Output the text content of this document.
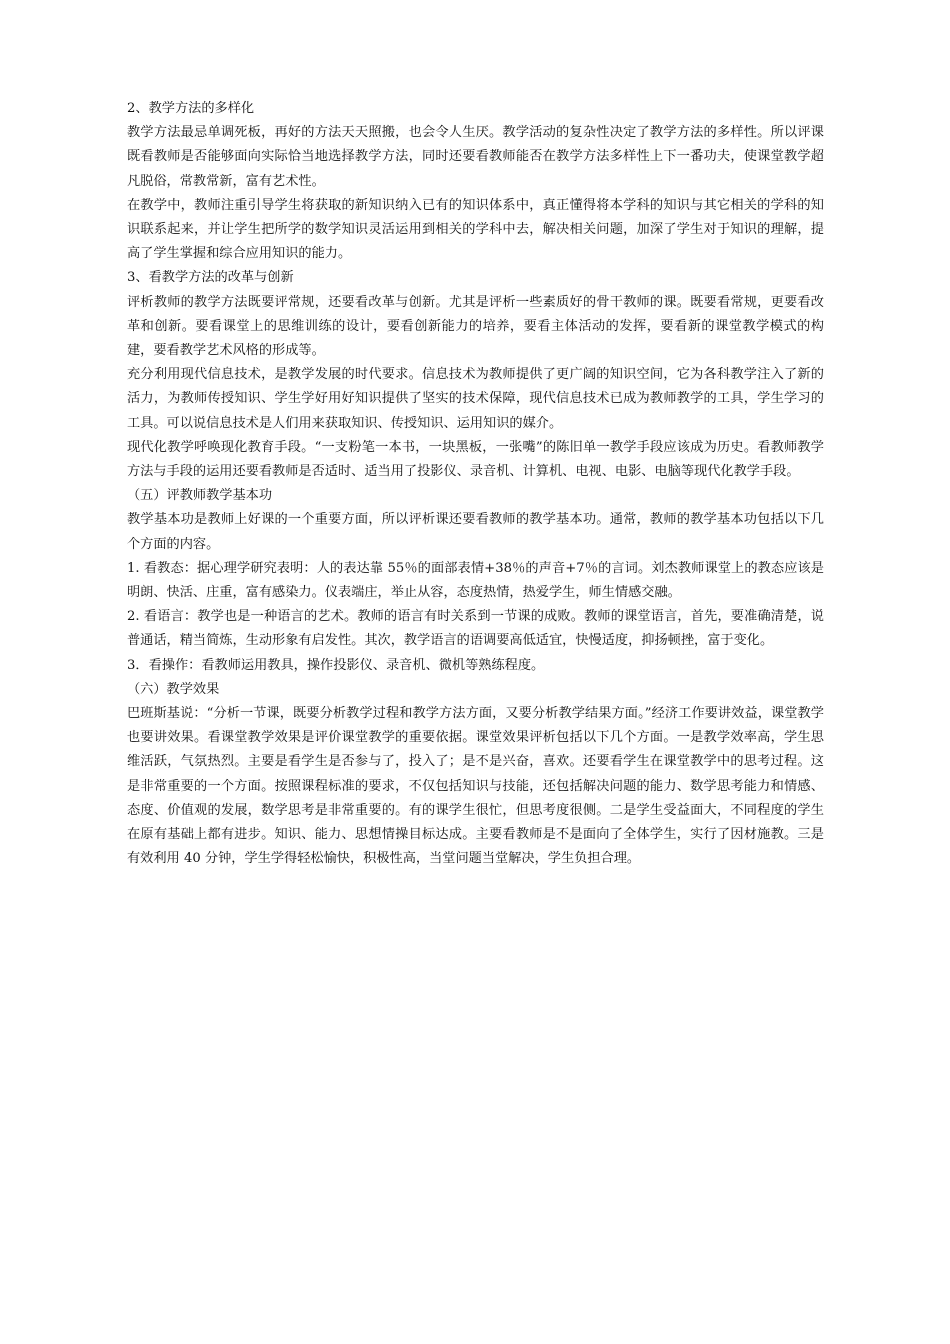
2、教学方法的多样化

教学方法最忌单调死板，再好的方法天天照搬，也会令人生厌。教学活动的复杂性决定了教学方法的多样性。所以评课既看教师是否能够面向实际恰当地选择教学方法，同时还要看教师能否在教学方法多样性上下一番功夫，使课堂教学超凡脱俗，常教常新，富有艺术性。

在教学中，教师注重引导学生将获取的新知识纳入已有的知识体系中，真正懂得将本学科的知识与其它相关的学科的知识联系起来，并让学生把所学的数学知识灵活运用到相关的学科中去，解决相关问题，加深了学生对于知识的理解，提高了学生掌握和综合应用知识的能力。

3、看教学方法的改革与创新

评析教师的教学方法既要评常规，还要看改革与创新。尤其是评析一些素质好的骨干教师的课。既要看常规，更要看改革和创新。要看课堂上的思维训练的设计，要看创新能力的培养，要看主体活动的发挥，要看新的课堂教学模式的构建，要看教学艺术风格的形成等。

充分利用现代信息技术，是教学发展的时代要求。信息技术为教师提供了更广阔的知识空间，它为各科教学注入了新的活力，为教师传授知识、学生学好用好知识提供了坚实的技术保障，现代信息技术已成为教师教学的工具，学生学习的工具。可以说信息技术是人们用来获取知识、传授知识、运用知识的媒介。

现代化教学呼唤现化教育手段。“一支粉笔一本书，一块黑板，一张嘴”的陈旧单一教学手段应该成为历史。看教师教学方法与手段的运用还要看教师是否适时、适当用了投影仪、录音机、计算机、电视、电影、电脑等现代化教学手段。

（五）评教师教学基本功

教学基本功是教师上好课的一个重要方面，所以评析课还要看教师的教学基本功。通常，教师的教学基本功包括以下几个方面的内容。

1. 看教态：据心理学研究表明：人的表达靠 55％的面部表情+38％的声音+7％的言词。刘杰教师课堂上的教态应该是明朗、快活、庄重，富有感染力。仪表端庄，举止从容，态度热情，热爱学生，师生情感交融。

2. 看语言：教学也是一种语言的艺术。教师的语言有时关系到一节课的成败。教师的课堂语言，首先，要准确清楚，说普通话，精当简炼，生动形象有启发性。其次，教学语言的语调要高低适宜，快慢适度，抑扬顿挫，富于变化。

3．看操作：看教师运用教具，操作投影仪、录音机、微机等熟练程度。

（六）教学效果

巴班斯基说：“分析一节课，既要分析教学过程和教学方法方面，又要分析教学结果方面。”经济工作要讲效益，课堂教学也要讲效果。看课堂教学效果是评价课堂教学的重要依据。课堂效果评析包括以下几个方面。一是教学效率高，学生思维活跃，气氛热烈。主要是看学生是否参与了，投入了；是不是兴奋，喜欢。还要看学生在课堂教学中的思考过程。这是非常重要的一个方面。按照课程标准的要求，不仅包括知识与技能，还包括解决问题的能力、数学思考能力和情感、态度、价值观的发展，数学思考是非常重要的。有的课学生很忙，但思考度很侧。二是学生受益面大，不同程度的学生在原有基础上都有进步。知识、能力、思想情操目标达成。主要看教师是不是面向了全体学生，实行了因材施教。三是有效利用 40 分钟，学生学得轻松愉快，积极性高，当堂问题当堂解决，学生负担合理。
